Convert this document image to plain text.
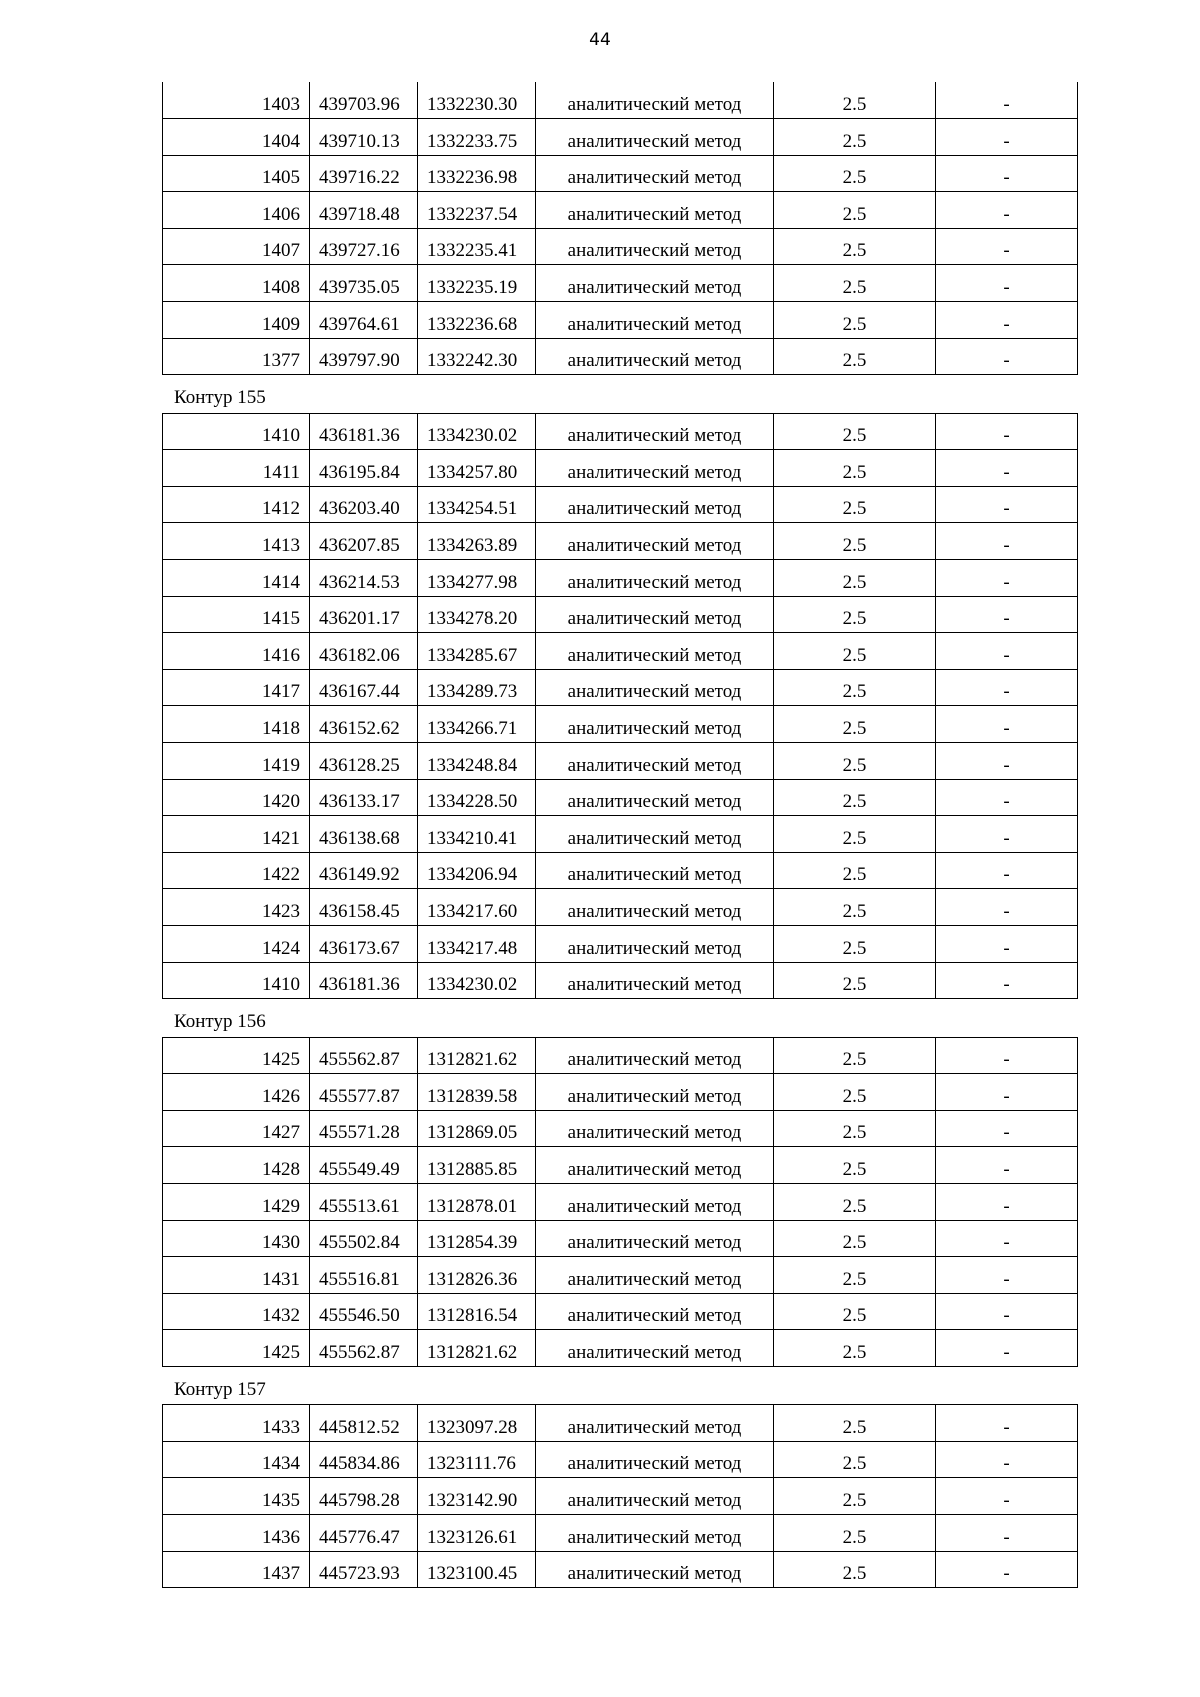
44
1403	439703.96	1332230.30	аналитический метод	2.5	-
1404	439710.13	1332233.75	аналитический метод	2.5	-
1405	439716.22	1332236.98	аналитический метод	2.5	-
1406	439718.48	1332237.54	аналитический метод	2.5	-
1407	439727.16	1332235.41	аналитический метод	2.5	-
1408	439735.05	1332235.19	аналитический метод	2.5	-
1409	439764.61	1332236.68	аналитический метод	2.5	-
1377	439797.90	1332242.30	аналитический метод	2.5	-
Контур 155
1410	436181.36	1334230.02	аналитический метод	2.5	-
1411	436195.84	1334257.80	аналитический метод	2.5	-
1412	436203.40	1334254.51	аналитический метод	2.5	-
1413	436207.85	1334263.89	аналитический метод	2.5	-
1414	436214.53	1334277.98	аналитический метод	2.5	-
1415	436201.17	1334278.20	аналитический метод	2.5	-
1416	436182.06	1334285.67	аналитический метод	2.5	-
1417	436167.44	1334289.73	аналитический метод	2.5	-
1418	436152.62	1334266.71	аналитический метод	2.5	-
1419	436128.25	1334248.84	аналитический метод	2.5	-
1420	436133.17	1334228.50	аналитический метод	2.5	-
1421	436138.68	1334210.41	аналитический метод	2.5	-
1422	436149.92	1334206.94	аналитический метод	2.5	-
1423	436158.45	1334217.60	аналитический метод	2.5	-
1424	436173.67	1334217.48	аналитический метод	2.5	-
1410	436181.36	1334230.02	аналитический метод	2.5	-
Контур 156
1425	455562.87	1312821.62	аналитический метод	2.5	-
1426	455577.87	1312839.58	аналитический метод	2.5	-
1427	455571.28	1312869.05	аналитический метод	2.5	-
1428	455549.49	1312885.85	аналитический метод	2.5	-
1429	455513.61	1312878.01	аналитический метод	2.5	-
1430	455502.84	1312854.39	аналитический метод	2.5	-
1431	455516.81	1312826.36	аналитический метод	2.5	-
1432	455546.50	1312816.54	аналитический метод	2.5	-
1425	455562.87	1312821.62	аналитический метод	2.5	-
Контур 157
1433	445812.52	1323097.28	аналитический метод	2.5	-
1434	445834.86	1323111.76	аналитический метод	2.5	-
1435	445798.28	1323142.90	аналитический метод	2.5	-
1436	445776.47	1323126.61	аналитический метод	2.5	-
1437	445723.93	1323100.45	аналитический метод	2.5	-
